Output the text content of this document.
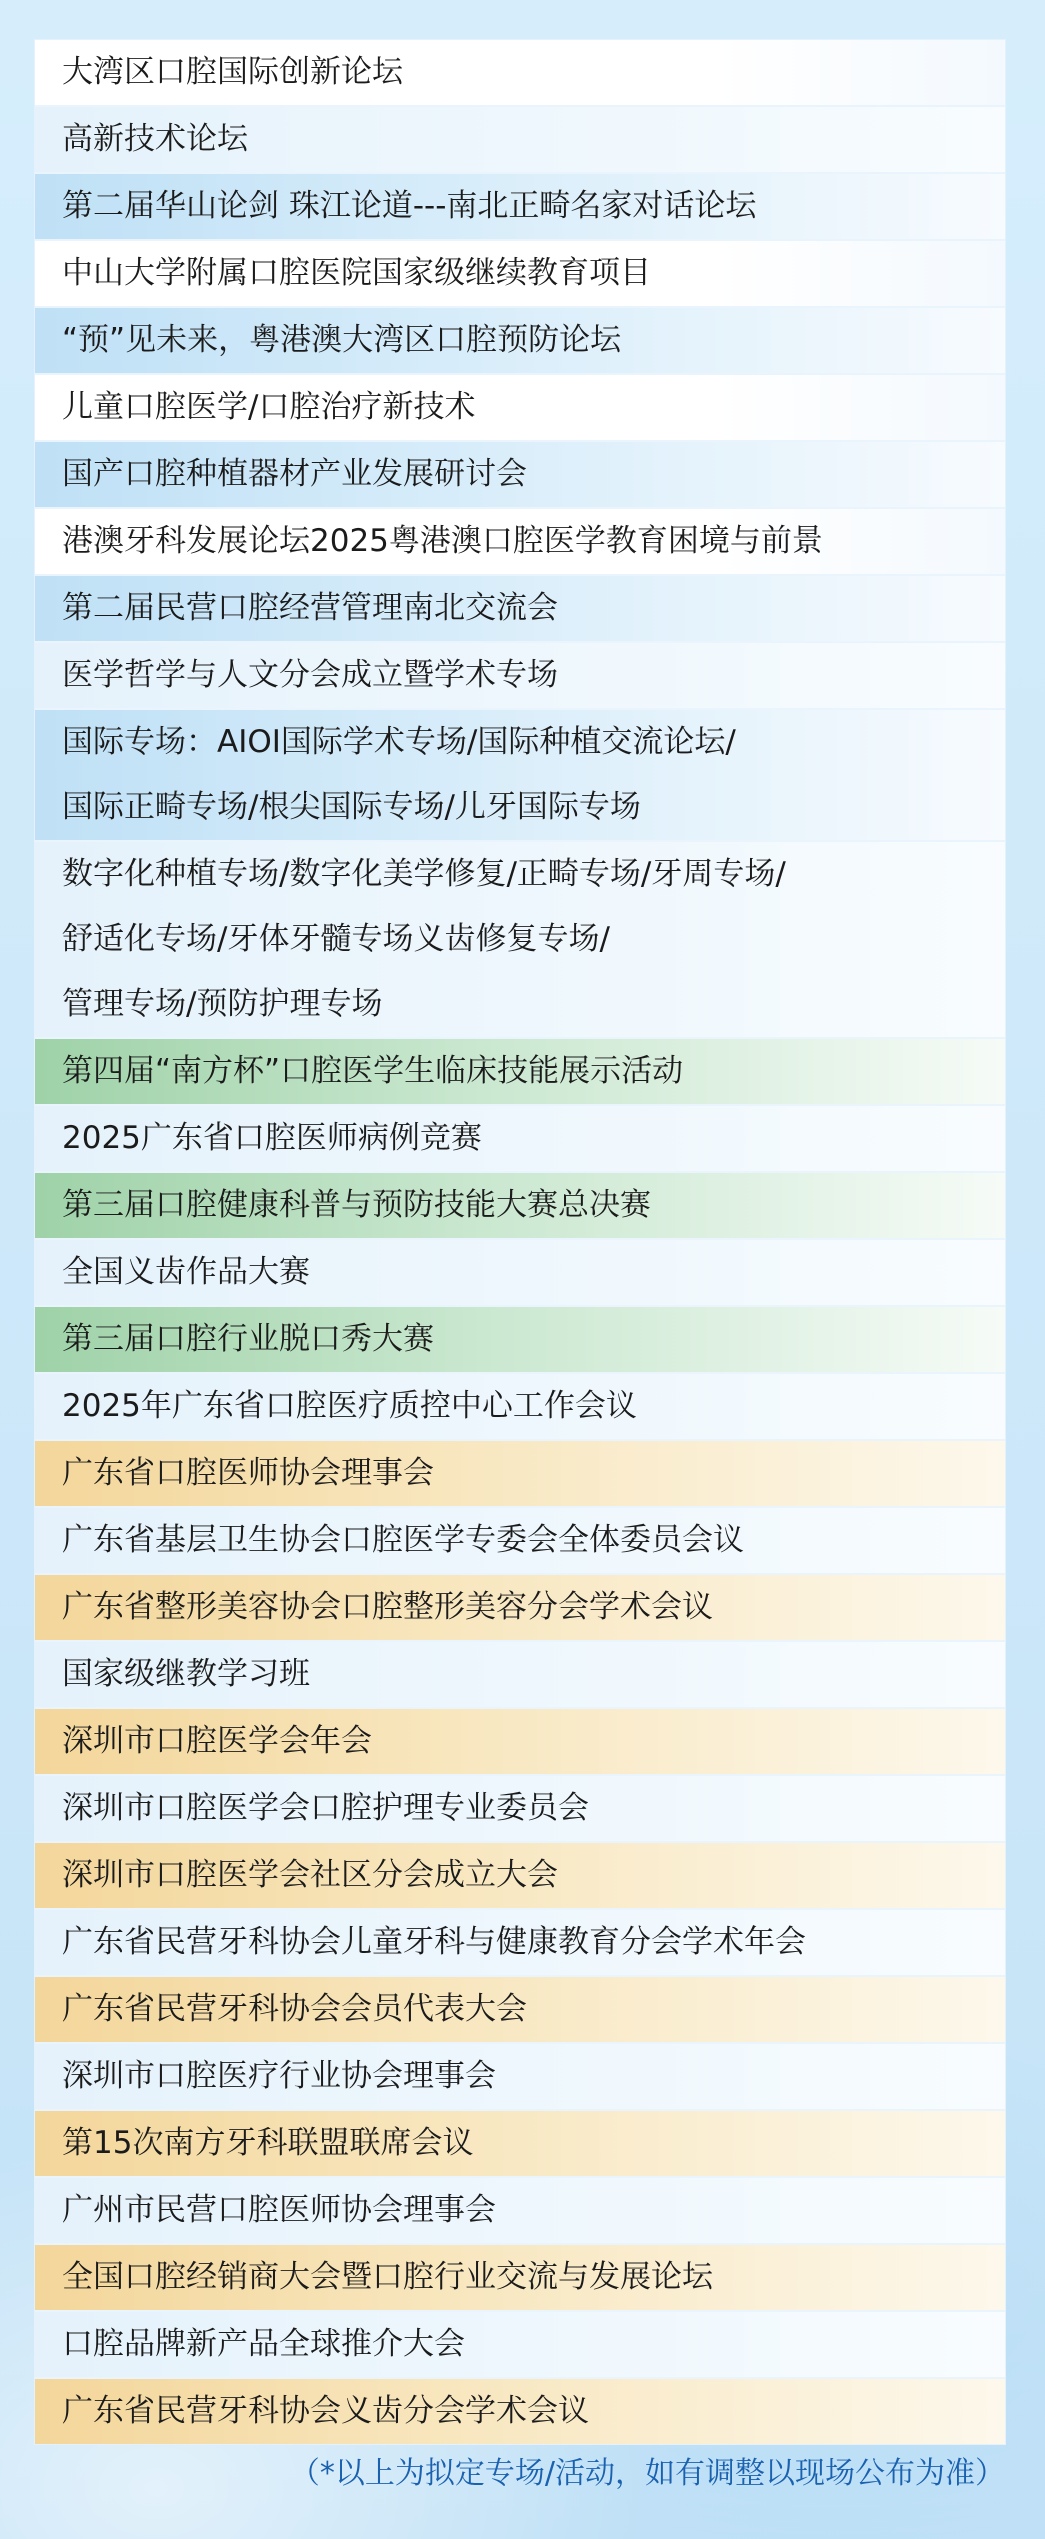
大湾区口腔国际创新论坛
高新技术论坛
第二届华山论剑 珠江论道---南北正畸名家对话论坛
中山大学附属口腔医院国家级继续教育项目
“预”见未来，粤港澳大湾区口腔预防论坛
儿童口腔医学/口腔治疗新技术
国产口腔种植器材产业发展研讨会
港澳牙科发展论坛2025粤港澳口腔医学教育困境与前景
第二届民营口腔经营管理南北交流会
医学哲学与人文分会成立暨学术专场
国际专场：AIOI国际学术专场/国际种植交流论坛/
国际正畸专场/根尖国际专场/儿牙国际专场
数字化种植专场/数字化美学修复/正畸专场/牙周专场/
舒适化专场/牙体牙髓专场义齿修复专场/
管理专场/预防护理专场
第四届“南方杯”口腔医学生临床技能展示活动
2025广东省口腔医师病例竞赛
第三届口腔健康科普与预防技能大赛总决赛
全国义齿作品大赛
第三届口腔行业脱口秀大赛
2025年广东省口腔医疗质控中心工作会议
广东省口腔医师协会理事会
广东省基层卫生协会口腔医学专委会全体委员会议
广东省整形美容协会口腔整形美容分会学术会议
国家级继教学习班
深圳市口腔医学会年会
深圳市口腔医学会口腔护理专业委员会
深圳市口腔医学会社区分会成立大会
广东省民营牙科协会儿童牙科与健康教育分会学术年会
广东省民营牙科协会会员代表大会
深圳市口腔医疗行业协会理事会
第15次南方牙科联盟联席会议
广州市民营口腔医师协会理事会
全国口腔经销商大会暨口腔行业交流与发展论坛
口腔品牌新产品全球推介大会
广东省民营牙科协会义齿分会学术会议
（*以上为拟定专场/活动，如有调整以现场公布为准）
